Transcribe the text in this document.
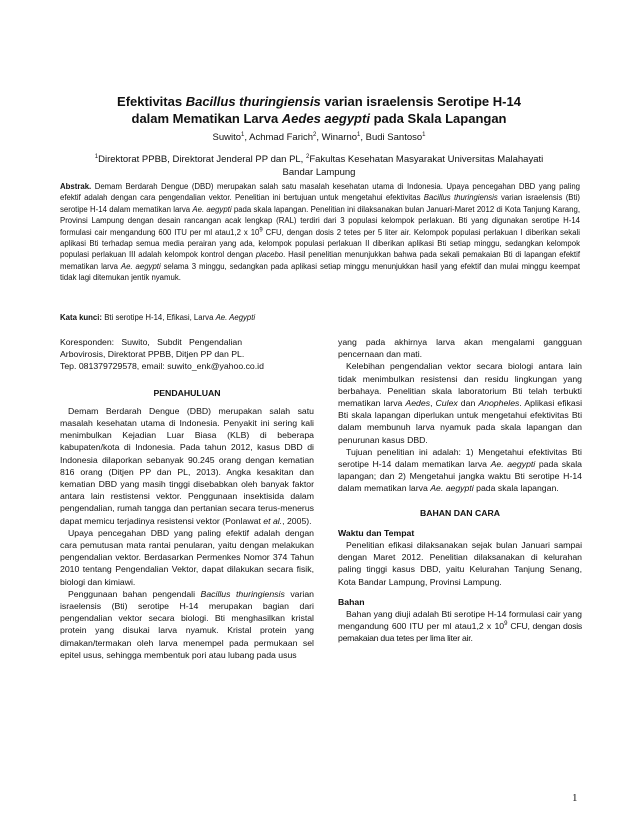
Efektivitas Bacillus thuringiensis varian israelensis Serotipe H-14
dalam Mematikan Larva Aedes aegypti pada Skala Lapangan
Suwito$^1$, Achmad Farich$^2$, Winarno$^1$, Budi Santoso$^1$
$^1$Direktorat PPBB, Direktorat Jenderal PP dan PL, $^2$Fakultas Kesehatan Masyarakat Universitas Malahayati
Bandar Lampung
Abstrak. Demam Berdarah Dengue (DBD) merupakan salah satu masalah kesehatan utama di Indonesia. Upaya pencegahan DBD yang paling efektif adalah dengan cara pengendalian vektor. Penelitian ini bertujuan untuk mengetahui efektivitas Bacillus thuringiensis varian israelensis (Bti) serotipe H-14 dalam mematikan larva Ae. aegypti pada skala lapangan. Penelitian ini dilaksanakan bulan Januari-Maret 2012 di Kota Tanjung Karang, Provinsi Lampung dengan desain rancangan acak lengkap (RAL) terdiri dari 3 populasi kelompok perlakuan. Bti yang digunakan serotipe H-14 formulasi cair mengandung 600 ITU per ml atau1,2 x $10^9$ CFU, dengan dosis 2 tetes per 5 liter air. Kelompok populasi perlakuan I diberikan sekali aplikasi Bti terhadap semua media perairan yang ada, kelompok populasi perlakuan II diberikan aplikasi Bti setiap minggu, sedangkan kelompok populasi perlakuan III adalah kelompok kontrol dengan placebo. Hasil penelitian menunjukkan bahwa pada sekali pemakaian Bti di lapangan efektif mematikan larva Ae. aegypti selama 3 minggu, sedangkan pada aplikasi setiap minggu menunjukkan hasil yang efektif dan mulai minggu keempat tidak lagi ditemukan jentik nyamuk.
Kata kunci: Bti serotipe H-14, Efikasi, Larva Ae. Aegypti

Koresponden:   Suwito,   Subdit   Pengendalian
Arbovirosis, Direktorat PPBB, Ditjen PP dan PL.
Tep. 081379729578, email: suwito_enk@yahoo.co.id

PENDAHULUAN

Demam Berdarah Dengue (DBD) merupakan salah satu masalah kesehatan utama di Indonesia. Penyakit ini sering kali menimbulkan Kejadian Luar Biasa (KLB) di beberapa kabupaten/kota di Indonesia. Pada tahun 2012, kasus DBD di Indonesia dilaporkan sebanyak 90.245 orang dengan kematian 816 orang (Ditjen PP dan PL, 2013). Angka kesakitan dan kematian DBD yang masih tinggi disebabkan oleh banyak faktor antara lain restistensi vektor. Penggunaan insektisida dalam pengendalian, rumah tangga dan pertanian secara terus-menerus dapat memicu terjadinya resistensi vektor (Ponlawat et al., 2005).

Upaya pencegahan DBD yang paling efektif adalah dengan cara pemutusan mata rantai penularan, yaitu dengan melakukan pengendalian vektor. Berdasarkan Permenkes Nomor 374 Tahun 2010 tentang Pengendalian Vektor, dapat dilakukan secara fisik, biologi dan kimiawi.

Penggunaan bahan pengendali Bacillus thuringiensis varian israelensis (Bti) serotipe H-14 merupakan bagian dari pengendalian vektor secara biologi. Bti menghasilkan kristal protein yang disukai larva nyamuk. Kristal protein yang dimakan/termakan oleh larva menempel pada permukaan sel epitel usus, sehingga membentuk pori atau lubang pada usus

yang pada akhirnya larva akan mengalami gangguan pencernaan dan mati.

Kelebihan pengendalian vektor secara biologi antara lain tidak menimbulkan resistensi dan residu lingkungan yang berbahaya. Penelitian skala laboratorium Bti telah terbukti mematikan larva Aedes, Culex dan Anopheles. Aplikasi efikasi Bti skala lapangan diperlukan untuk mengetahui efektivitas Bti dalam membunuh larva nyamuk pada skala lapangan dan penurunan kasus DBD.

Tujuan penelitian ini adalah: 1) Mengetahui efektivitas Bti serotipe H-14 dalam mematikan larva Ae. aegypti pada skala lapangan; dan 2) Mengetahui jangka waktu Bti serotipe H-14 dalam mematikan larva Ae. aegypti pada skala lapangan.

BAHAN DAN CARA

Waktu dan Tempat

Penelitian efikasi dilaksanakan sejak bulan Januari sampai dengan Maret 2012. Penelitian dilaksanakan di kelurahan paling tinggi kasus DBD, yaitu Kelurahan Tanjung Senang, Kota Bandar Lampung, Provinsi Lampung.

Bahan

Bahan yang diuji adalah Bti serotipe H-14 formulasi cair yang mengandung 600 ITU per ml atau1,2 x $10^9$ CFU, dengan dosis pemakaian dua tetes per lima liter air.

1
